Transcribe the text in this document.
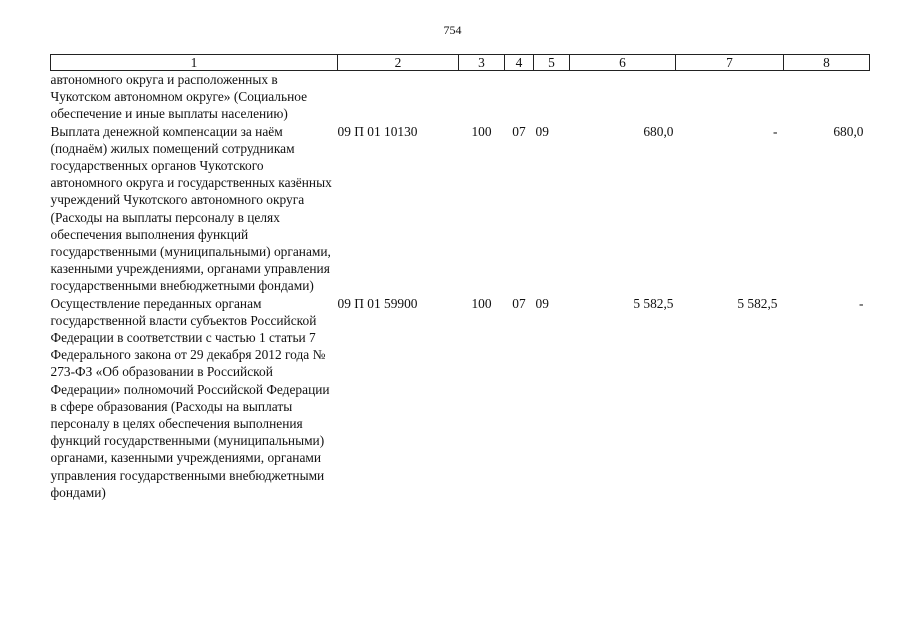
754
1	2	3	4	5	6	7	8
автономного округа и расположенных в Чукотском автономном округе» (Социальное обеспечение и иные выплаты населению)							
Выплата денежной компенсации за наём (поднаём) жилых помещений сотрудникам государственных органов Чукотского автономного округа и государственных казённых учреждений Чукотского автономного округа (Расходы на выплаты персоналу в целях обеспечения выполнения функций государственными (муниципальными) органами, казенными учреждениями, органами управления государственными внебюджетными фондами)	09 П 01 10130	100	07	09	680,0	-	680,0
Осуществление переданных органам государственной власти субъектов Российской Федерации в соответствии с частью 1 статьи 7 Федерального закона от 29 декабря 2012 года № 273-ФЗ «Об образовании в Российской Федерации» полномочий Российской Федерации в сфере образования (Расходы на выплаты персоналу в целях обеспечения выполнения функций государственными (муниципальными) органами, казенными учреждениями, органами управления государственными внебюджетными фондами)	09 П 01 59900	100	07	09	5 582,5	5 582,5	-
